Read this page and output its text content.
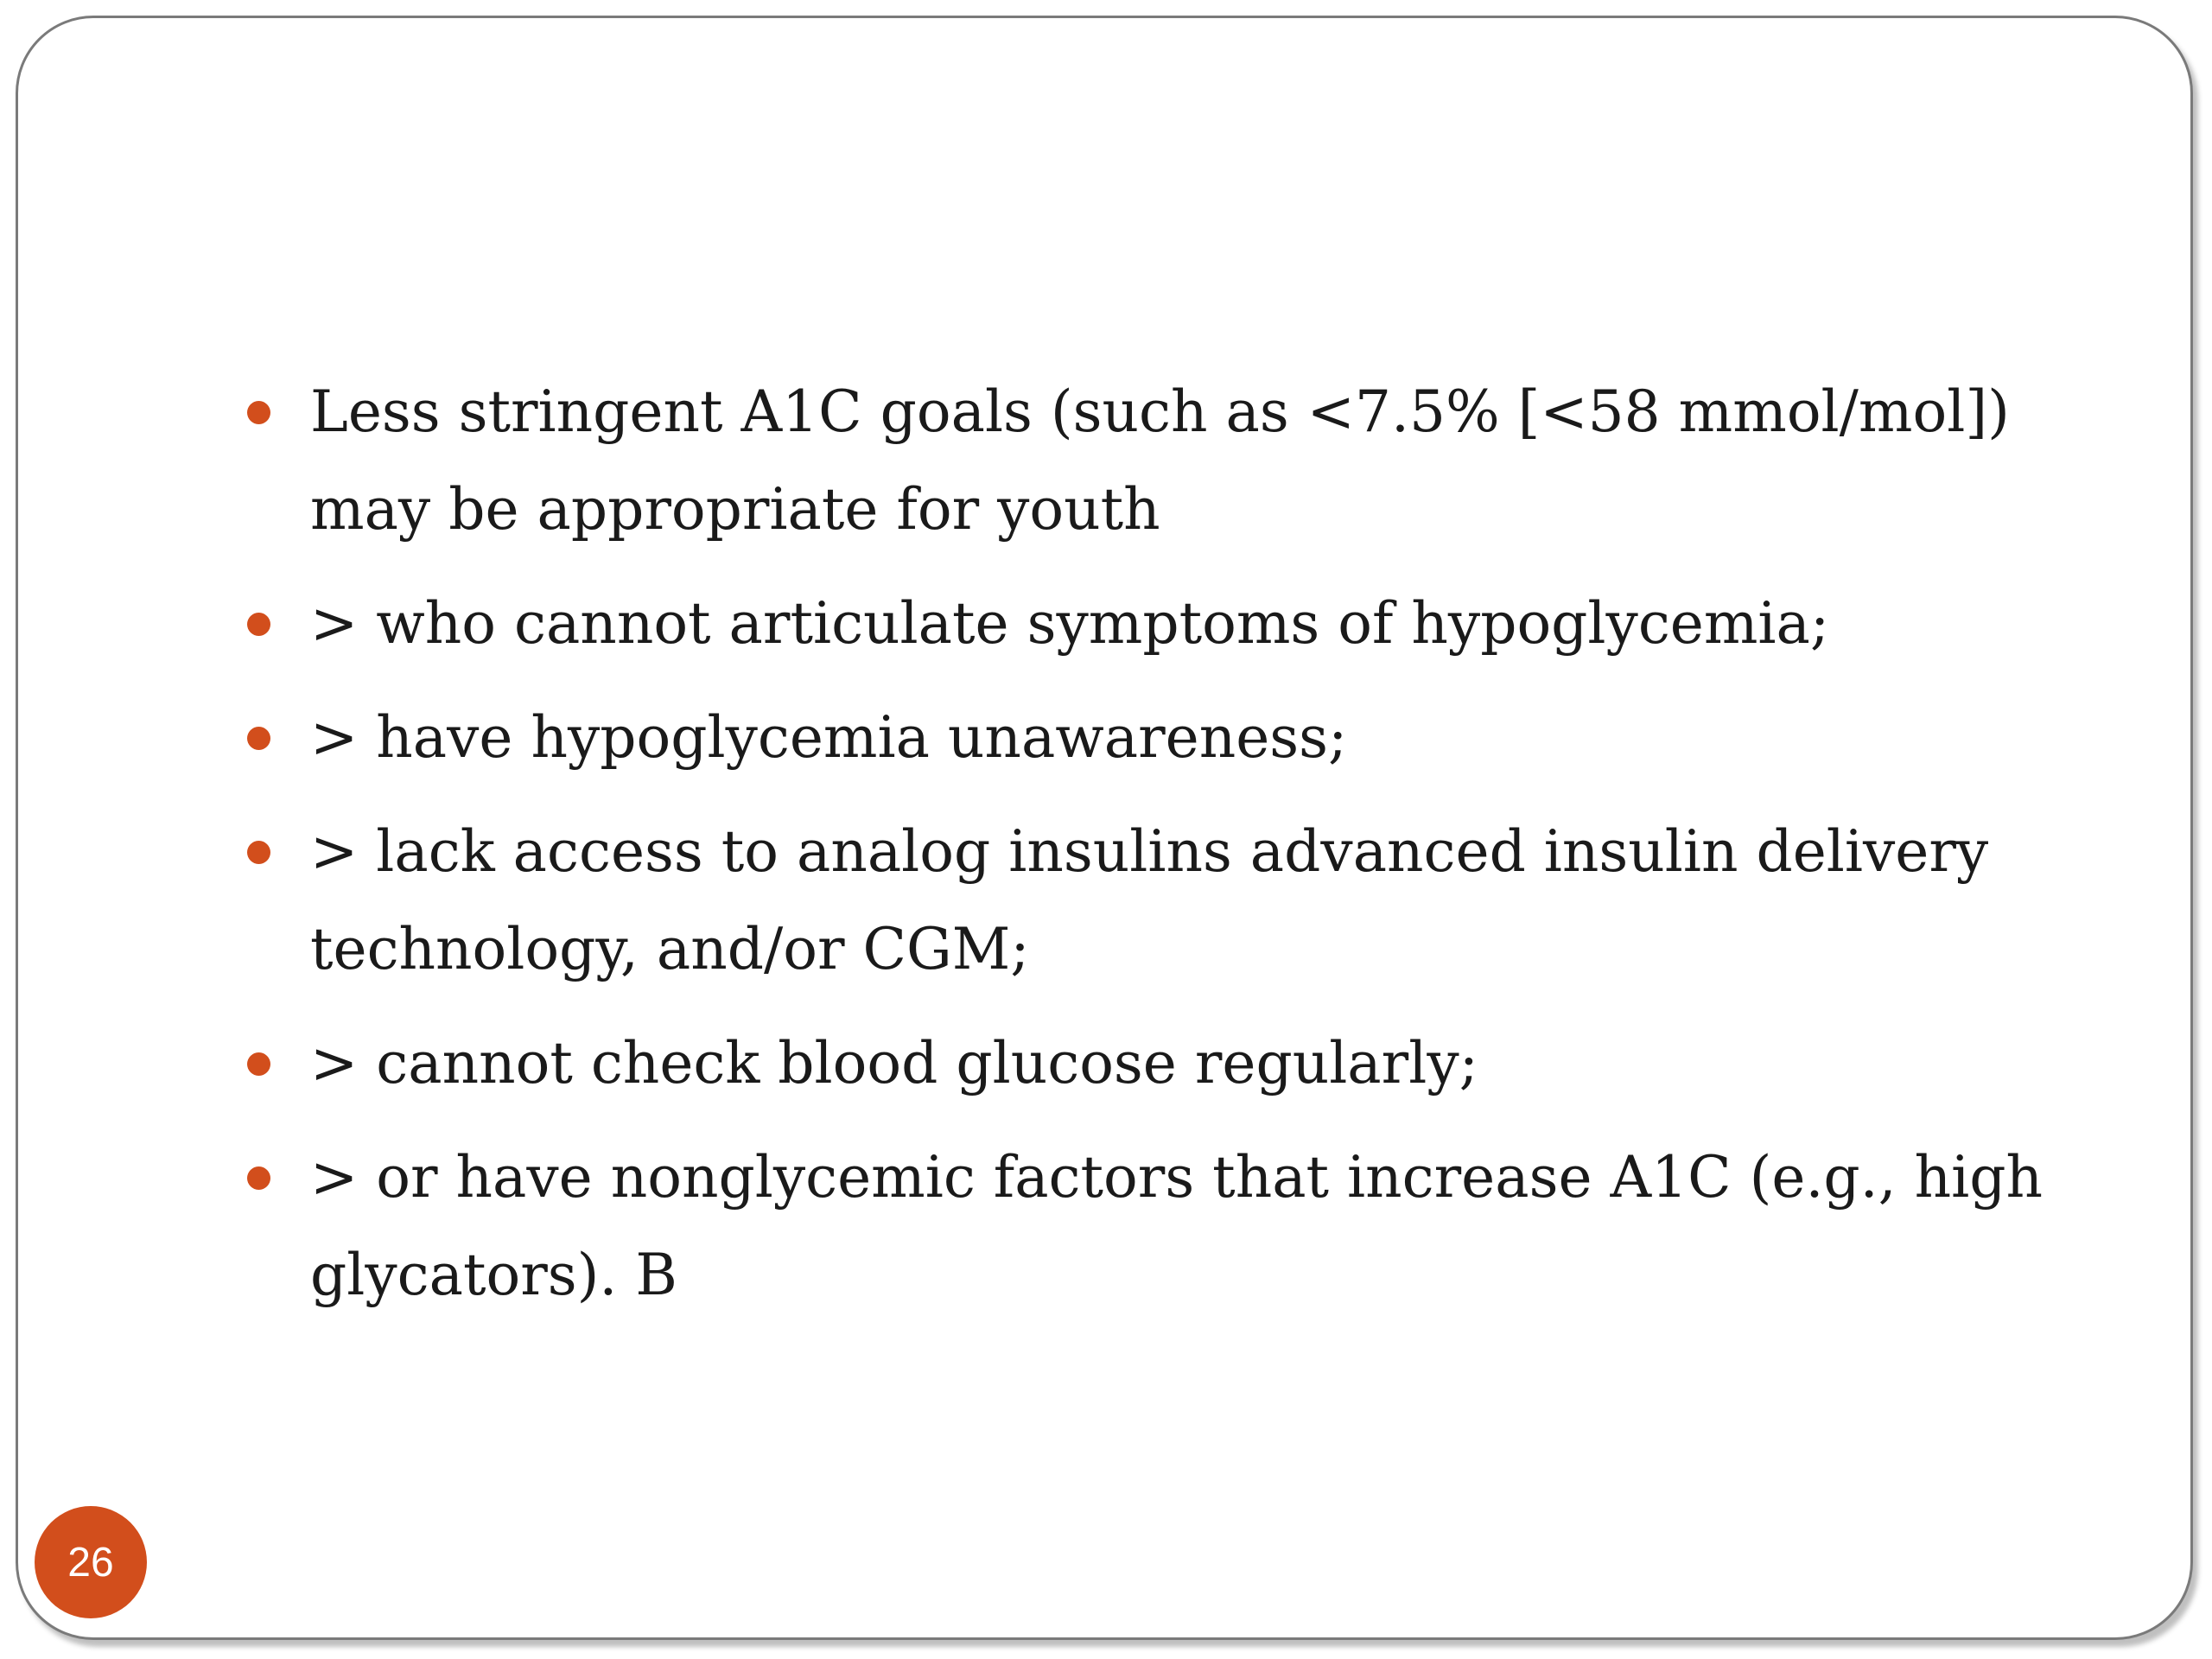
Less stringent A1C goals (such as <7.5% [<58 mmol/mol]) may be appropriate for youth
> who cannot articulate symptoms of hypoglycemia;
> have hypoglycemia unawareness;
> lack access to analog insulins advanced insulin delivery technology, and/or CGM;
> cannot check blood glucose regularly;
> or have nonglycemic factors that increase A1C (e.g., high glycators). B
26
